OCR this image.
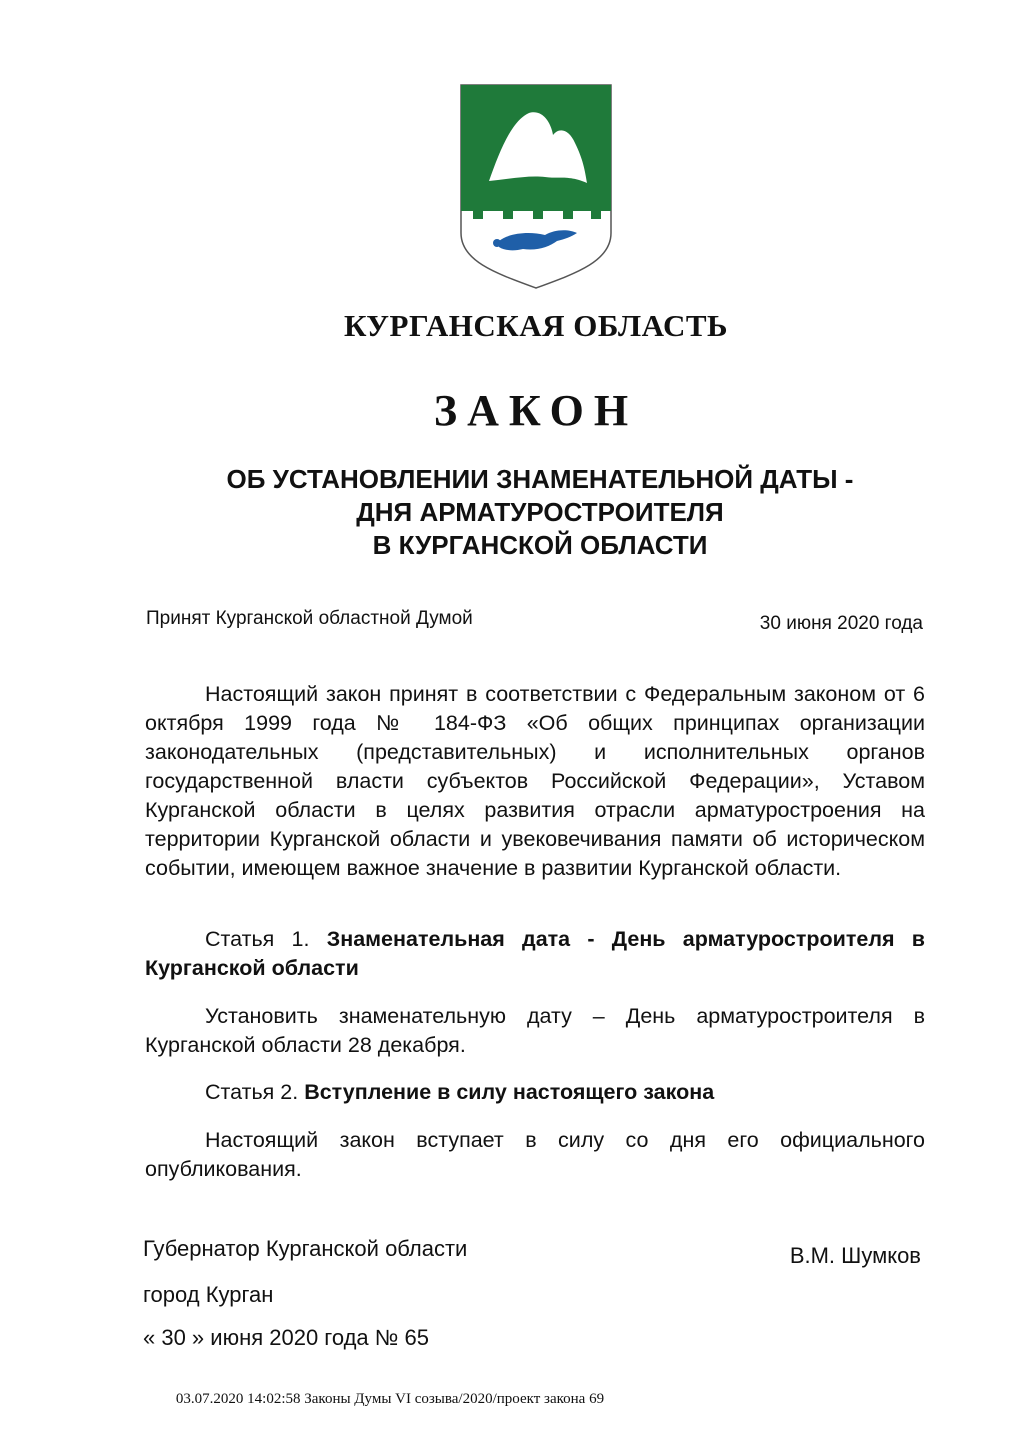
КУРГАНСКАЯ ОБЛАСТЬ
ЗАКОН
ОБ УСТАНОВЛЕНИИ ЗНАМЕНАТЕЛЬНОЙ ДАТЫ -
ДНЯ АРМАТУРОСТРОИТЕЛЯ
В КУРГАНСКОЙ ОБЛАСТИ
Принят Курганской областной Думой	30 июня 2020 года
Настоящий закон принят в соответствии с Федеральным законом от 6 октября 1999 года № 184-ФЗ «Об общих принципах организации законодательных (представительных) и исполнительных органов государственной власти субъектов Российской Федерации», Уставом Курганской области в целях развития отрасли арматуростроения на территории Курганской области и увековечивания памяти об историческом событии, имеющем важное значение в развитии Курганской области.
Статья 1. Знаменательная дата - День арматуростроителя в Курганской области
Установить знаменательную дату – День арматуростроителя в Курганской области 28 декабря.
Статья 2. Вступление в силу настоящего закона
Настоящий закон вступает в силу со дня его официального опубликования.
Губернатор Курганской области	В.М. Шумков
город Курган
« 30 » июня 2020 года № 65
03.07.2020 14:02:58 Законы Думы VI созыва/2020/проект закона 69
